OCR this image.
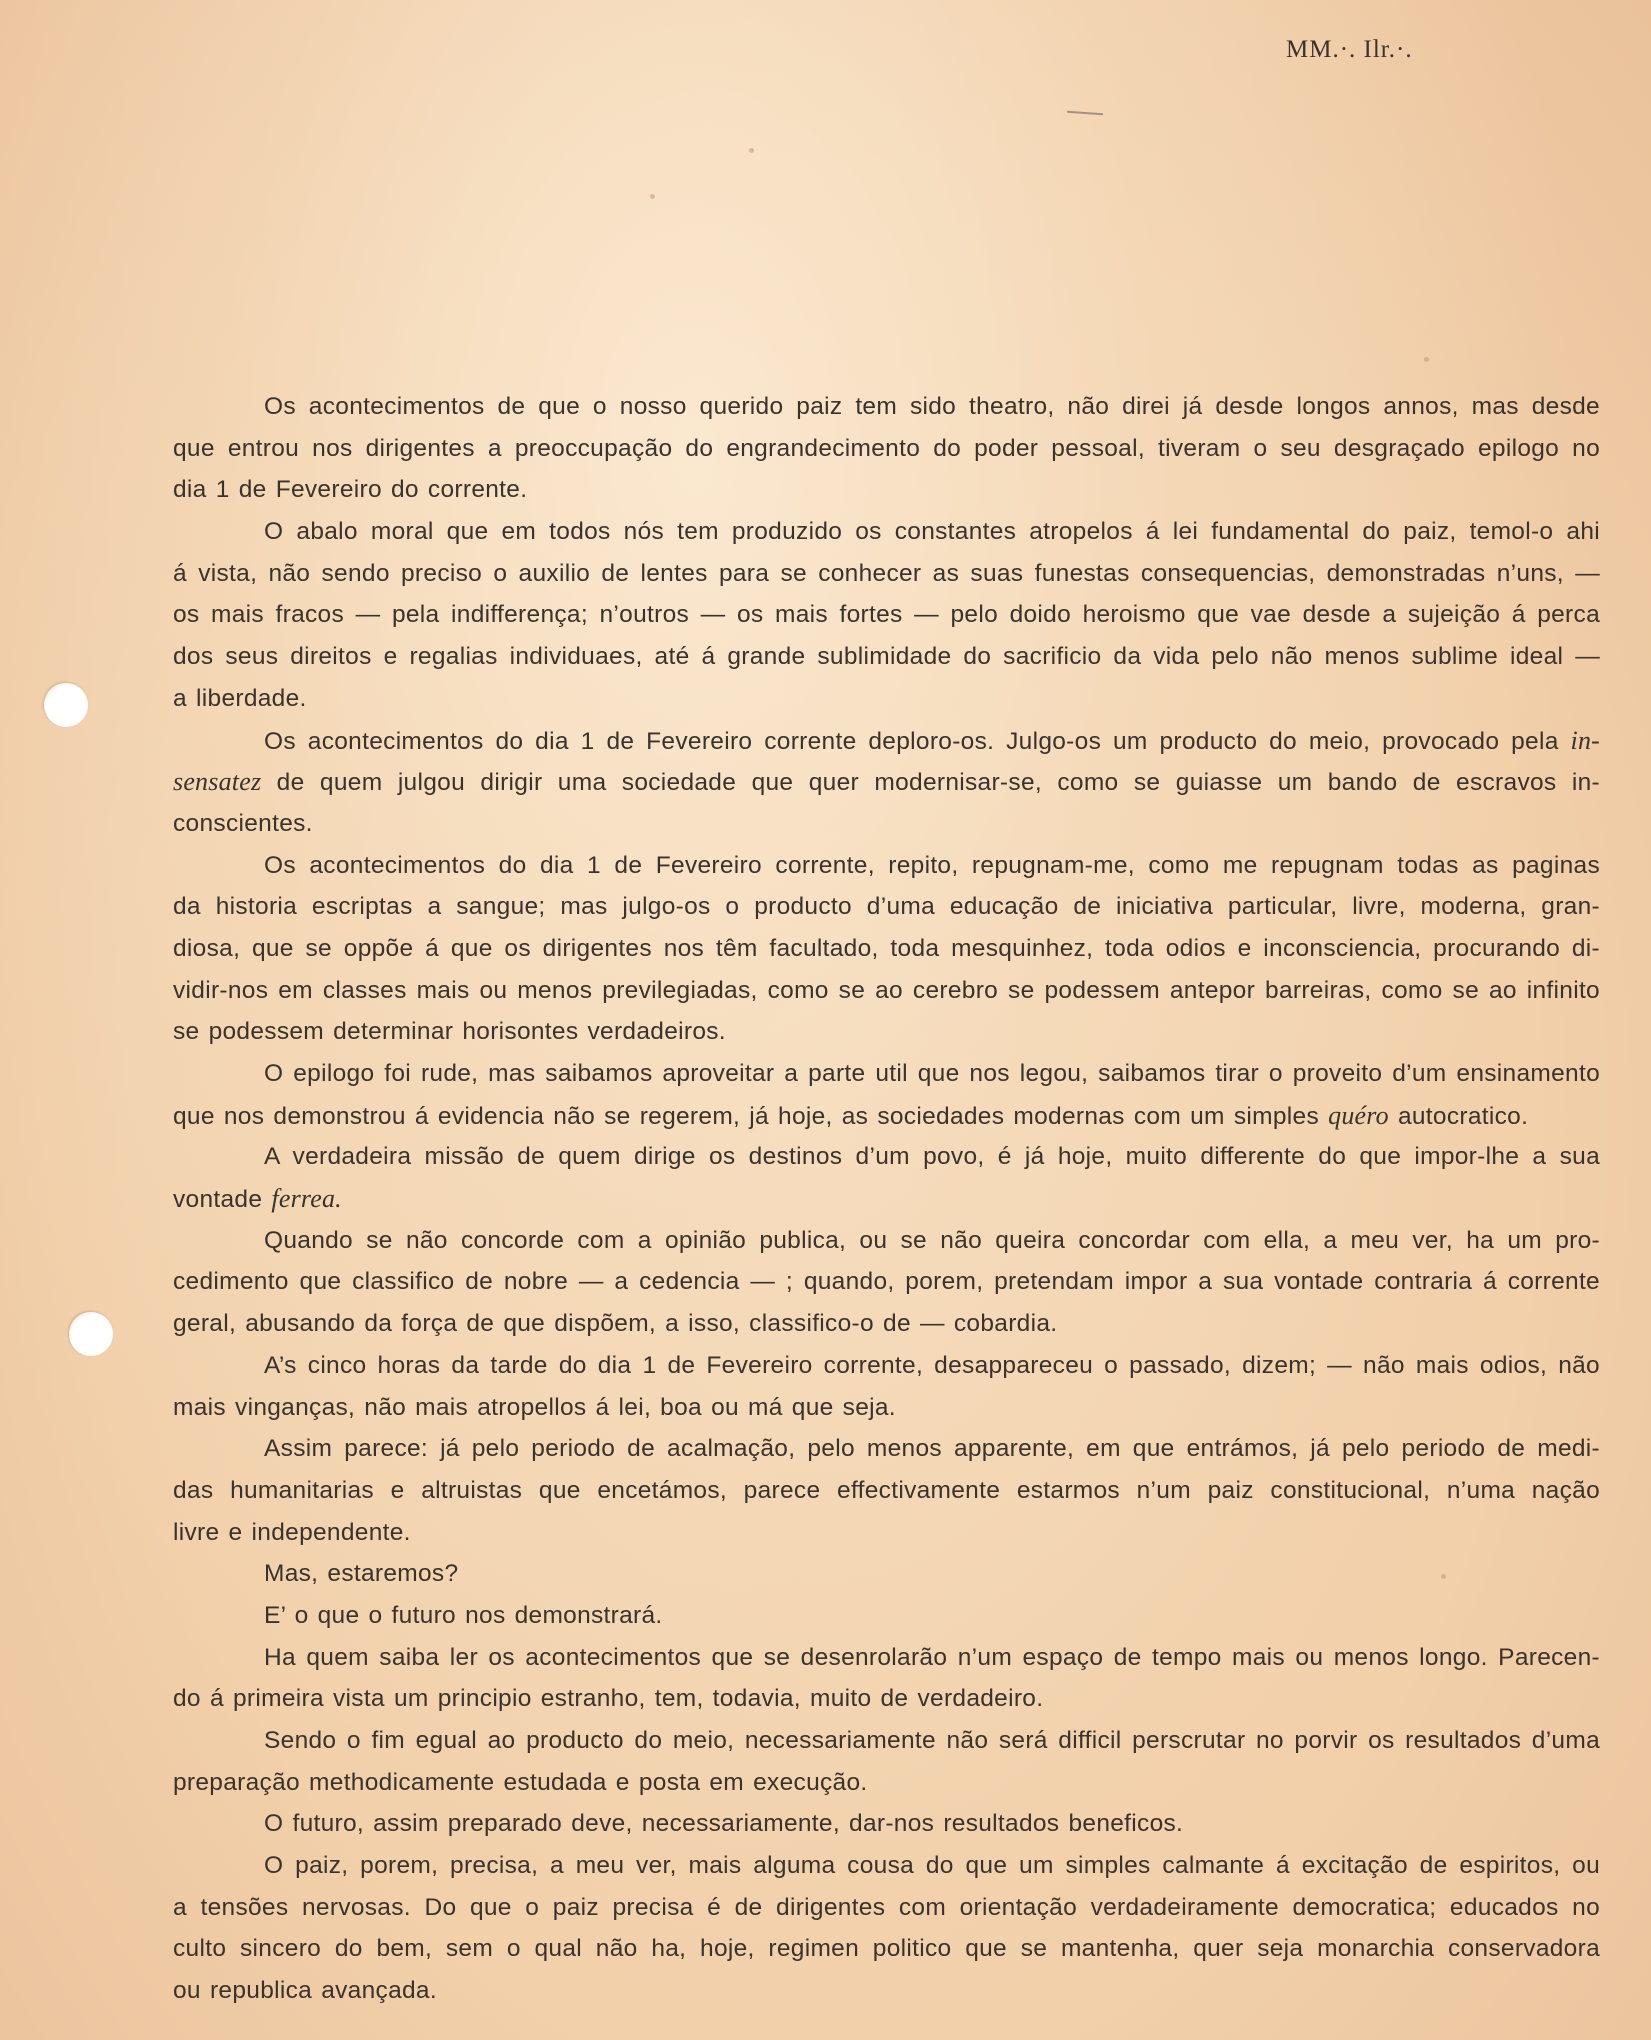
MM.·. Ilr.·.
Os acontecimentos de que o nosso querido paiz tem sido theatro, não direi já desde longos annos, mas desde
que entrou nos dirigentes a preoccupação do engrandecimento do poder pessoal, tiveram o seu desgraçado epilogo no
dia 1 de Fevereiro do corrente.
O abalo moral que em todos nós tem produzido os constantes atropelos á lei fundamental do paiz, temol-o ahi
á vista, não sendo preciso o auxilio de lentes para se conhecer as suas funestas consequencias, demonstradas n’uns, —
os mais fracos — pela indifferença; n’outros — os mais fortes — pelo doido heroismo que vae desde a sujeição á perca
dos seus direitos e regalias individuaes, até á grande sublimidade do sacrificio da vida pelo não menos sublime ideal —
a liberdade.
Os acontecimentos do dia 1 de Fevereiro corrente deploro-os. Julgo-os um producto do meio, provocado pela in-
sensatez de quem julgou dirigir uma sociedade que quer modernisar-se, como se guiasse um bando de escravos in-
conscientes.
Os acontecimentos do dia 1 de Fevereiro corrente, repito, repugnam-me, como me repugnam todas as paginas
da historia escriptas a sangue; mas julgo-os o producto d’uma educação de iniciativa particular, livre, moderna, gran-
diosa, que se oppõe á que os dirigentes nos têm facultado, toda mesquinhez, toda odios e inconsciencia, procurando di-
vidir-nos em classes mais ou menos previlegiadas, como se ao cerebro se podessem antepor barreiras, como se ao infinito
se podessem determinar horisontes verdadeiros.
O epilogo foi rude, mas saibamos aproveitar a parte util que nos legou, saibamos tirar o proveito d’um ensinamento
que nos demonstrou á evidencia não se regerem, já hoje, as sociedades modernas com um simples quéro autocratico.
A verdadeira missão de quem dirige os destinos d’um povo, é já hoje, muito differente do que impor-lhe a sua
vontade ferrea.
Quando se não concorde com a opinião publica, ou se não queira concordar com ella, a meu ver, ha um pro-
cedimento que classifico de nobre — a cedencia — ; quando, porem, pretendam impor a sua vontade contraria á corrente
geral, abusando da força de que dispõem, a isso, classifico-o de — cobardia.
A’s cinco horas da tarde do dia 1 de Fevereiro corrente, desappareceu o passado, dizem; — não mais odios, não
mais vinganças, não mais atropellos á lei, boa ou má que seja.
Assim parece: já pelo periodo de acalmação, pelo menos apparente, em que entrámos, já pelo periodo de medi-
das humanitarias e altruistas que encetámos, parece effectivamente estarmos n’um paiz constitucional, n’uma nação
livre e independente.
Mas, estaremos?
E’ o que o futuro nos demonstrará.
Ha quem saiba ler os acontecimentos que se desenrolarão n’um espaço de tempo mais ou menos longo. Parecen-
do á primeira vista um principio estranho, tem, todavia, muito de verdadeiro.
Sendo o fim egual ao producto do meio, necessariamente não será difficil perscrutar no porvir os resultados d’uma
preparação methodicamente estudada e posta em execução.
O futuro, assim preparado deve, necessariamente, dar-nos resultados beneficos.
O paiz, porem, precisa, a meu ver, mais alguma cousa do que um simples calmante á excitação de espiritos, ou
a tensões nervosas. Do que o paiz precisa é de dirigentes com orientação verdadeiramente democratica; educados no
culto sincero do bem, sem o qual não ha, hoje, regimen politico que se mantenha, quer seja monarchia conservadora
ou republica avançada.
